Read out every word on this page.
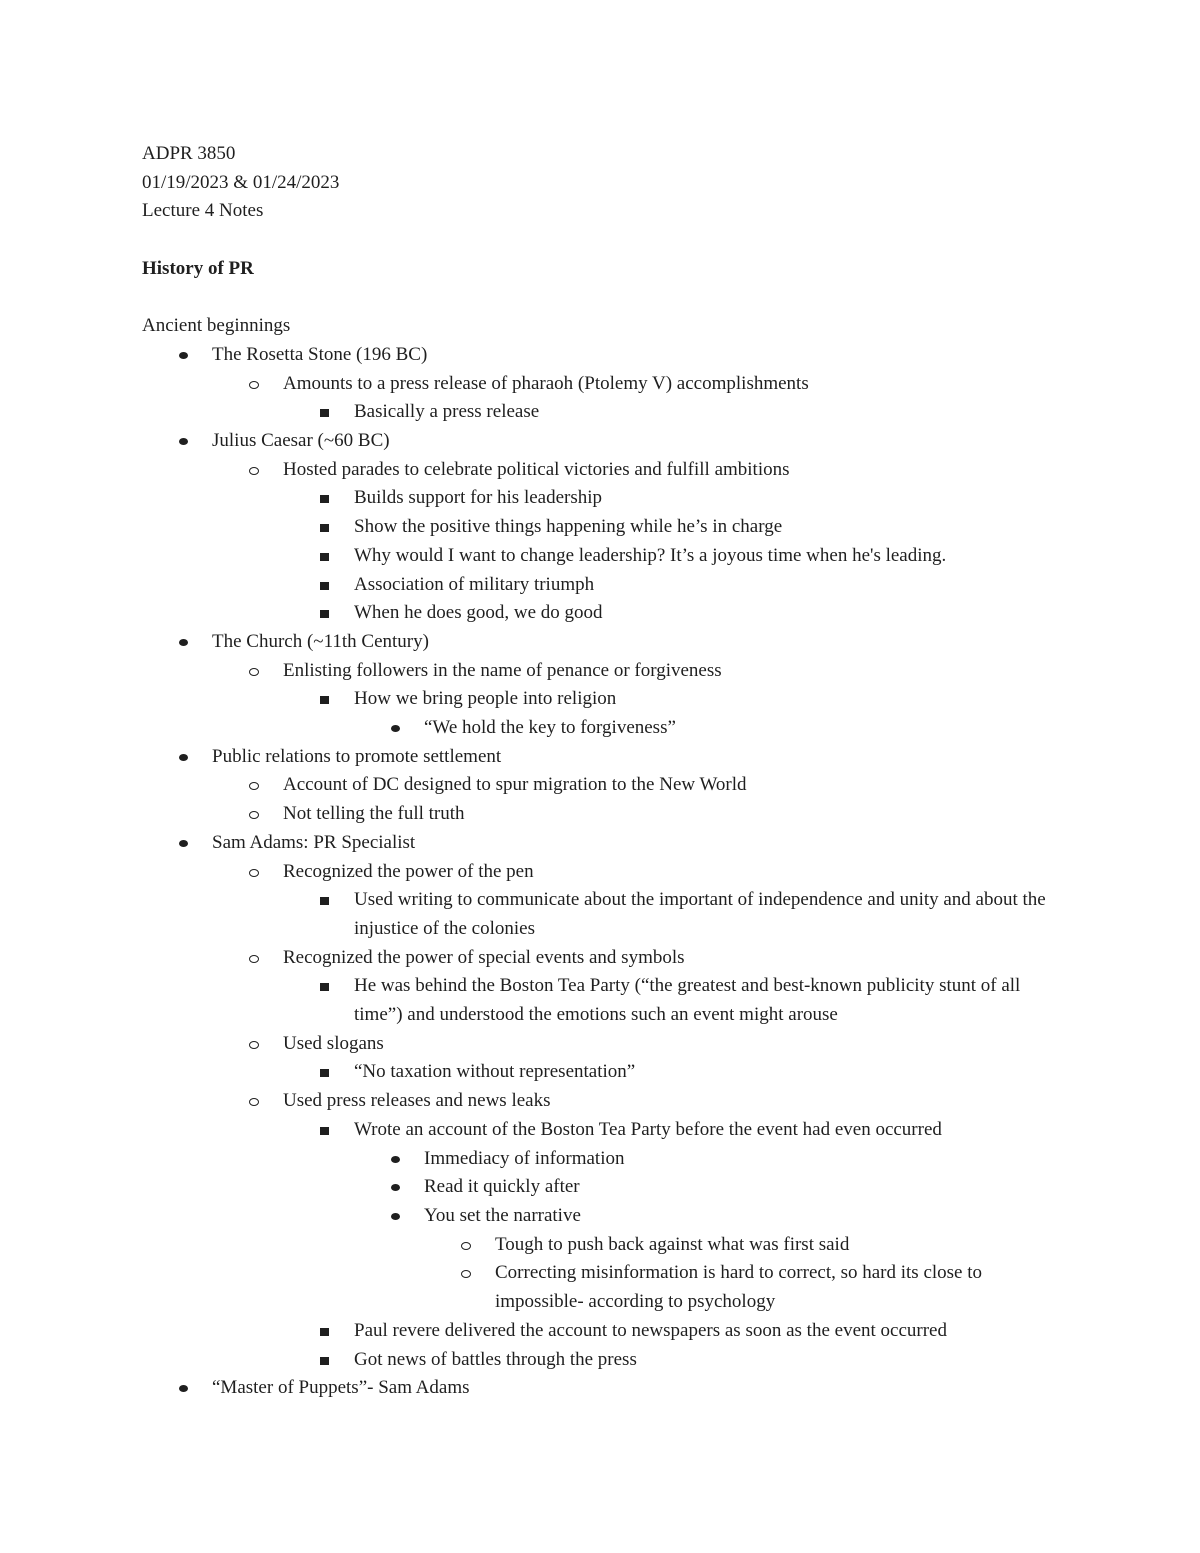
ADPR 3850

01/19/2023 & 01/24/2023

Lecture 4 Notes

History of PR

Ancient beginnings

The Rosetta Stone (196 BC)
Amounts to a press release of pharaoh (Ptolemy V) accomplishments
Basically a press release
Julius Caesar (~60 BC)
Hosted parades to celebrate political victories and fulfill ambitions
Builds support for his leadership
Show the positive things happening while he’s in charge
Why would I want to change leadership? It’s a joyous time when he's leading.
Association of military triumph
When he does good, we do good
The Church (~11th Century)
Enlisting followers in the name of penance or forgiveness
How we bring people into religion
“We hold the key to forgiveness”
Public relations to promote settlement
Account of DC designed to spur migration to the New World
Not telling the full truth
Sam Adams: PR Specialist
Recognized the power of the pen
Used writing to communicate about the important of independence and unity and about the injustice of the colonies
Recognized the power of special events and symbols
He was behind the Boston Tea Party (“the greatest and best-known publicity stunt of all time”) and understood the emotions such an event might arouse
Used slogans
“No taxation without representation”
Used press releases and news leaks
Wrote an account of the Boston Tea Party before the event had even occurred
Immediacy of information
Read it quickly after
You set the narrative
Tough to push back against what was first said
Correcting misinformation is hard to correct, so hard its close to impossible- according to psychology
Paul revere delivered the account to newspapers as soon as the event occurred
Got news of battles through the press
“Master of Puppets”- Sam Adams
